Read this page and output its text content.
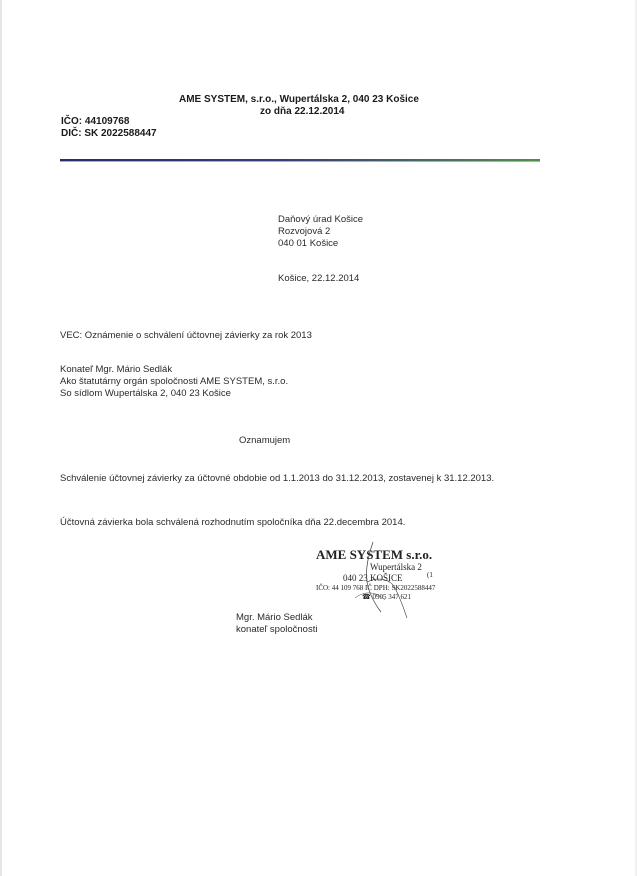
AME SYSTEM, s.r.o., Wupertálska 2, 040 23 Košice
zo dňa 22.12.2014
IČO: 44109768
DIČ: SK 2022588447
Daňový úrad Košice
Rozvojová 2
040 01 Košice
Košice, 22.12.2014
VEC: Oznámenie o schválení účtovnej závierky za rok 2013
Konateľ Mgr. Mário Sedlák
Ako štatutárny orgán spoločnosti AME SYSTEM, s.r.o.
So sídlom Wupertálska 2, 040 23 Košice
Oznamujem
Schválenie účtovnej závierky za účtovné obdobie od 1.1.2013 do 31.12.2013, zostavenej k 31.12.2013.
Účtovná závierka bola schválená rozhodnutím spoločníka dňa 22.decembra 2014.
AME SYSTEM s.r.o.
Wupertálska 2
040 23 KOŠICE	(1
IČO: 44 109 768 IČ DPH: SK2022588447
☎ 0905 347 621
Mgr. Mário Sedlák
konateľ spoločnosti
